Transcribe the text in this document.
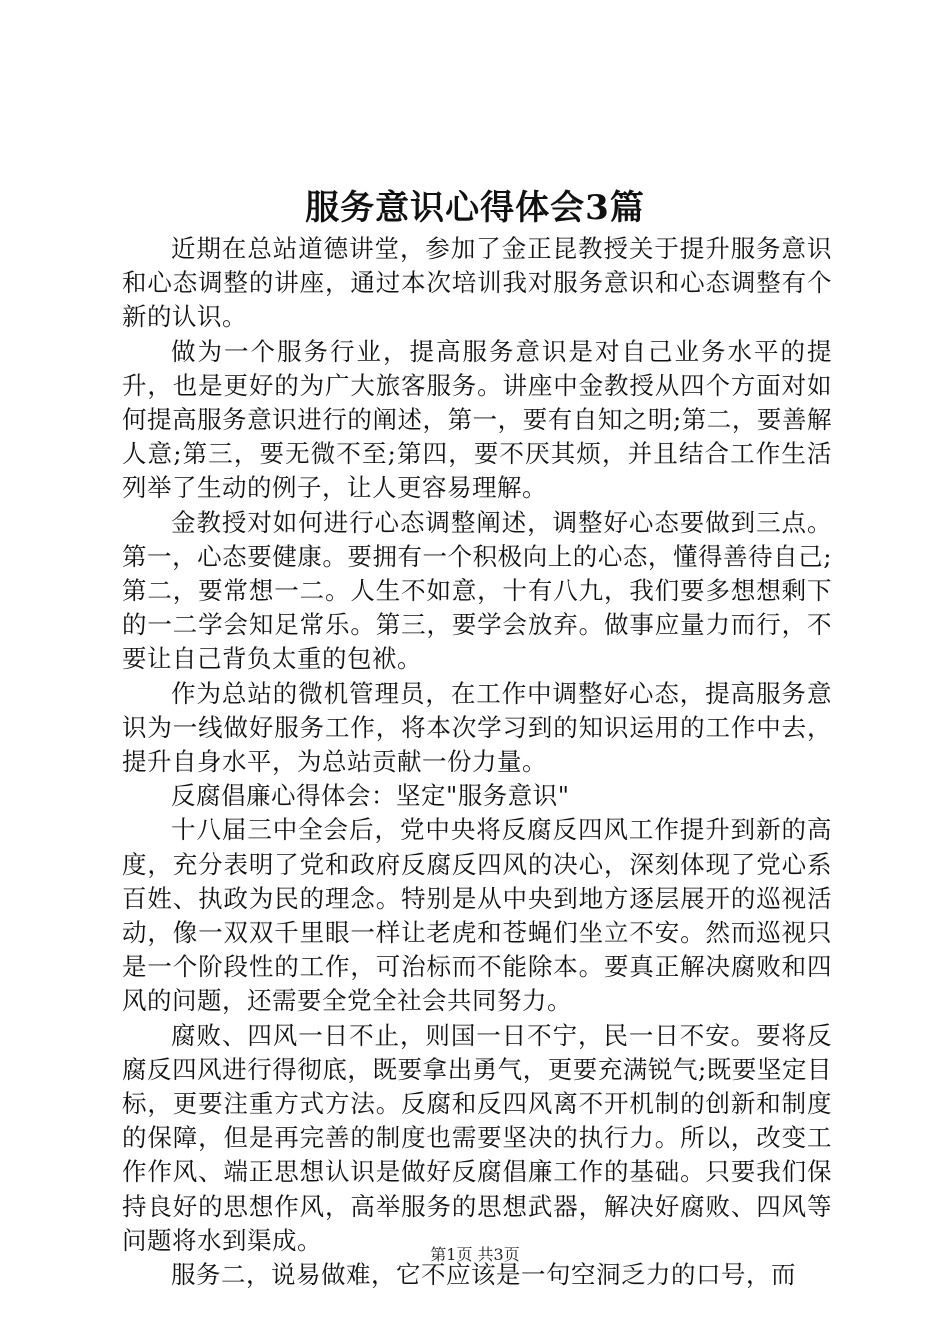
服务意识心得体会3篇

近期在总站道德讲堂，参加了金正昆教授关于提升服务意识和心态调整的讲座，通过本次培训我对服务意识和心态调整有个新的认识。

做为一个服务行业，提高服务意识是对自己业务水平的提升，也是更好的为广大旅客服务。讲座中金教授从四个方面对如何提高服务意识进行的阐述，第一，要有自知之明;第二，要善解人意;第三，要无微不至;第四，要不厌其烦，并且结合工作生活列举了生动的例子，让人更容易理解。

金教授对如何进行心态调整阐述，调整好心态要做到三点。第一，心态要健康。要拥有一个积极向上的心态，懂得善待自己;第二，要常想一二。人生不如意，十有八九，我们要多想想剩下的一二学会知足常乐。第三，要学会放弃。做事应量力而行，不要让自己背负太重的包袱。

作为总站的微机管理员，在工作中调整好心态，提高服务意识为一线做好服务工作，将本次学习到的知识运用的工作中去，提升自身水平，为总站贡献一份力量。

反腐倡廉心得体会：坚定"服务意识"

十八届三中全会后，党中央将反腐反四风工作提升到新的高度，充分表明了党和政府反腐反四风的决心，深刻体现了党心系百姓、执政为民的理念。特别是从中央到地方逐层展开的巡视活动，像一双双千里眼一样让老虎和苍蝇们坐立不安。然而巡视只是一个阶段性的工作，可治标而不能除本。要真正解决腐败和四风的问题，还需要全党全社会共同努力。

腐败、四风一日不止，则国一日不宁，民一日不安。要将反腐反四风进行得彻底，既要拿出勇气，更要充满锐气;既要坚定目标，更要注重方式方法。反腐和反四风离不开机制的创新和制度的保障，但是再完善的制度也需要坚决的执行力。所以，改变工作作风、端正思想认识是做好反腐倡廉工作的基础。只要我们保持良好的思想作风，高举服务的思想武器，解决好腐败、四风等问题将水到渠成。

服务二，说易做难，它不应该是一句空洞乏力的口号，而

第1页 共3页
